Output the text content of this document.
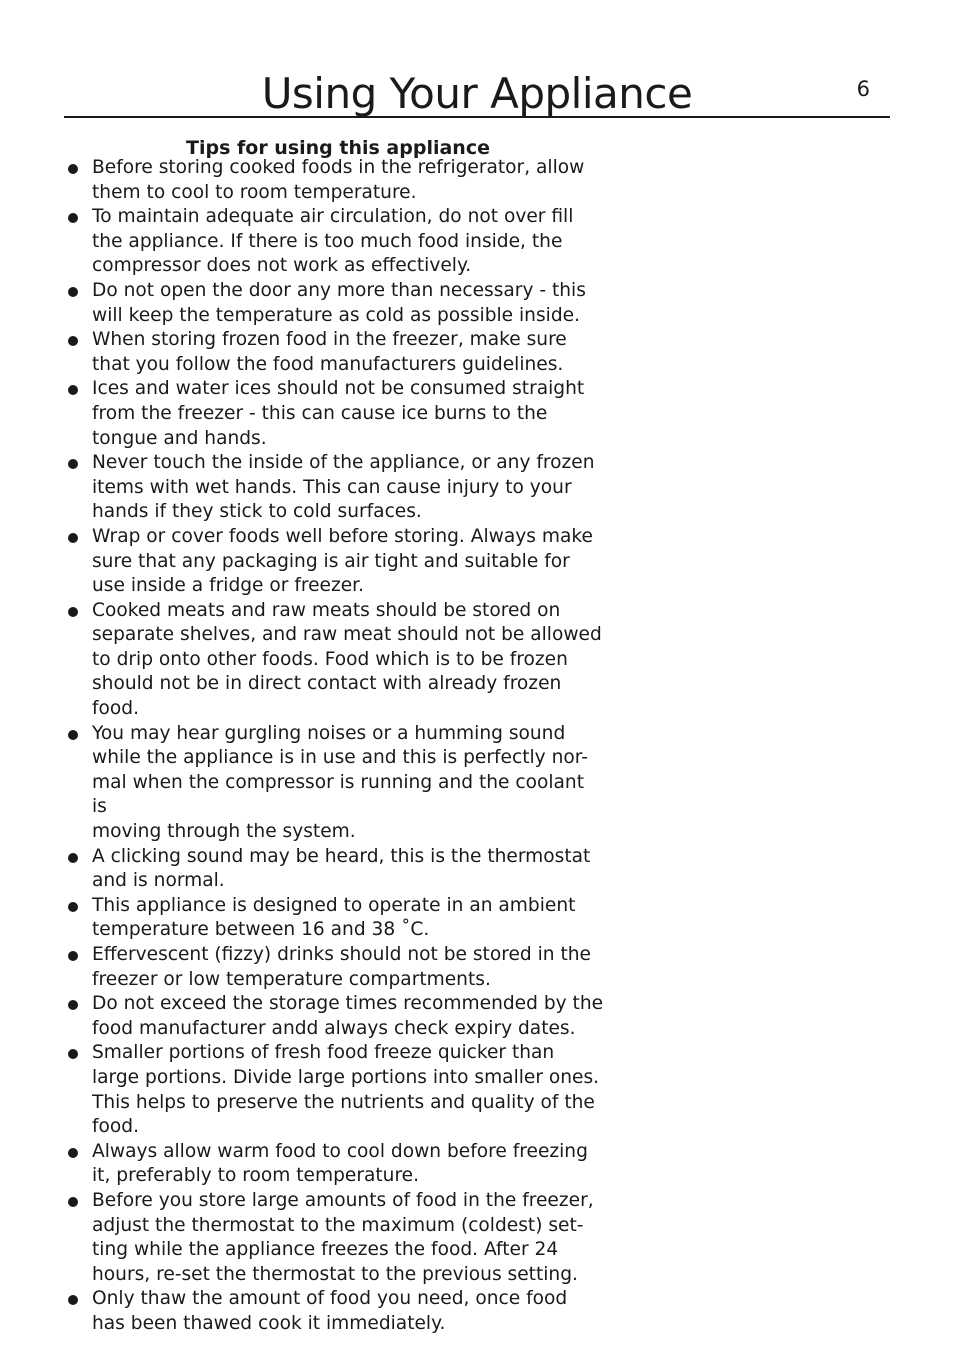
Using Your Appliance	6
Tips for using this appliance
Before storing cooked foods in the refrigerator, allow
them to cool to room temperature.
To maintain adequate air circulation, do not over fill
the appliance. If there is too much food inside, the
compressor does not work as effectively.
Do not open the door any more than necessary - this
will keep the temperature as cold as possible inside.
When storing frozen food in the freezer, make sure
that you follow the food manufacturers guidelines.
Ices and water ices should not be consumed straight
from the freezer - this can cause ice burns to the
tongue and hands.
Never touch the inside of the appliance, or any frozen
items with wet hands. This can cause injury to your
hands if they stick to cold surfaces.
Wrap or cover foods well before storing. Always make
sure that any packaging is air tight and suitable for
use inside a fridge or freezer.
Cooked meats and raw meats should be stored on
separate shelves, and raw meat should not be allowed
to drip onto other foods. Food which is to be frozen
should not be in direct contact with already frozen
food.
You may hear gurgling noises or a humming sound
while the appliance is in use and this is perfectly nor-
mal when the compressor is running and the coolant is
moving through the system.
A clicking sound may be heard, this is the thermostat
and is normal.
This appliance is designed to operate in an ambient
temperature between 16 and 38 ˚C.
Effervescent (fizzy) drinks should not be stored in the
freezer or low temperature compartments.
Do not exceed the storage times recommended by the
food manufacturer andd always check expiry dates.
Smaller portions of fresh food freeze quicker than
large portions. Divide large portions into smaller ones.
This helps to preserve the nutrients and quality of the
food.
Always allow warm food to cool down before freezing
it, preferably to room temperature.
Before you store large amounts of food in the freezer,
adjust the thermostat to the maximum (coldest) set-
ting while the appliance freezes the food. After 24
hours, re-set the thermostat to the previous setting.
Only thaw the amount of food you need, once food
has been thawed cook it immediately.
